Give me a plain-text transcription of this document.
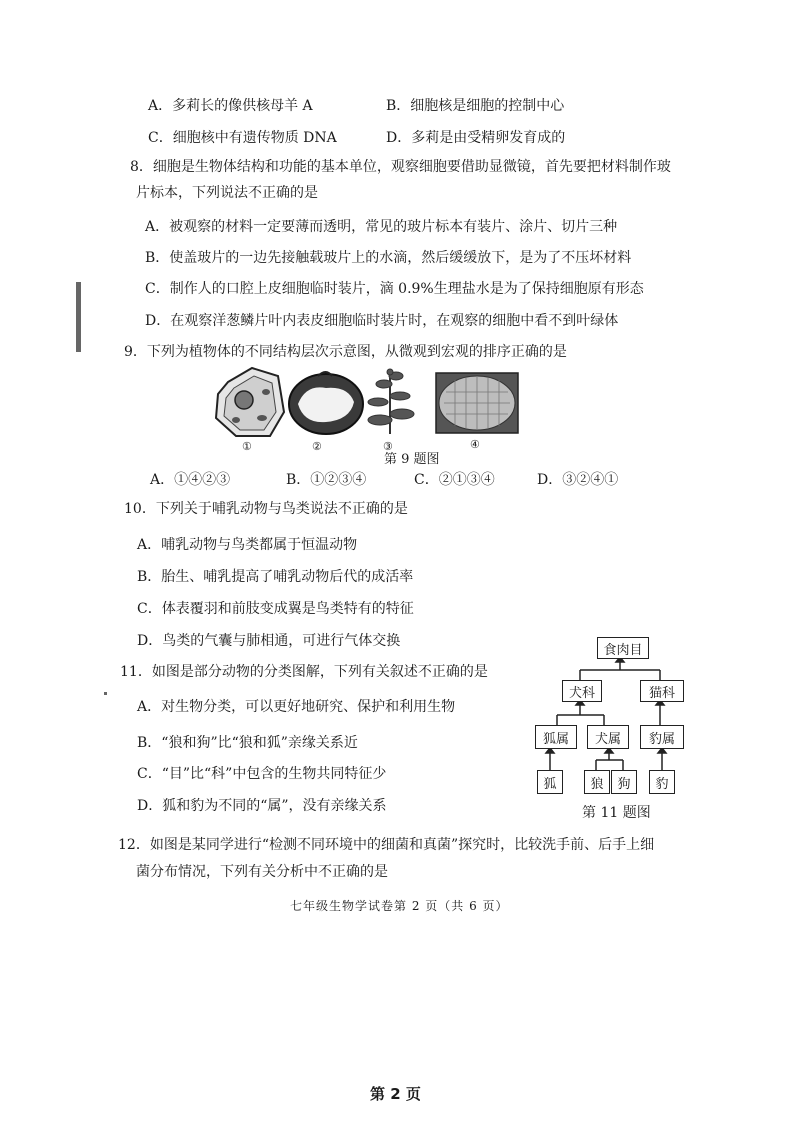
A．多莉长的像供核母羊 A	B．细胞核是细胞的控制中心
C．细胞核中有遗传物质 DNA	D．多莉是由受精卵发育成的
8．细胞是生物体结构和功能的基本单位，观察细胞要借助显微镜，首先要把材料制作玻
片标本，下列说法不正确的是
A．被观察的材料一定要薄而透明，常见的玻片标本有装片、涂片、切片三种
B．使盖玻片的一边先接触载玻片上的水滴，然后缓缓放下，是为了不压坏材料
C．制作人的口腔上皮细胞临时装片，滴 0.9%生理盐水是为了保持细胞原有形态
D．在观察洋葱鳞片叶内表皮细胞临时装片时，在观察的细胞中看不到叶绿体
9．下列为植物体的不同结构层次示意图，从微观到宏观的排序正确的是
①	②	③	④
第 9 题图
A．①④②③	B．①②③④	C．②①③④	D．③②④①
10．下列关于哺乳动物与鸟类说法不正确的是
A．哺乳动物与鸟类都属于恒温动物
B．胎生、哺乳提高了哺乳动物后代的成活率
C．体表覆羽和前肢变成翼是鸟类特有的特征
D．鸟类的气囊与肺相通，可进行气体交换
11．如图是部分动物的分类图解，下列有关叙述不正确的是
A．对生物分类，可以更好地研究、保护和利用生物
B．“狼和狗”比“狼和狐”亲缘关系近
C．“目”比“科”中包含的生物共同特征少
D．狐和豹为不同的“属”，没有亲缘关系
食肉目
犬科	猫科
狐属	犬属	豹属
狐	狼	狗	豹
第 11 题图
12．如图是某同学进行“检测不同环境中的细菌和真菌”探究时，比较洗手前、后手上细
菌分布情况，下列有关分析中不正确的是
七年级生物学试卷第 2 页（共 6 页）
第 2 页
